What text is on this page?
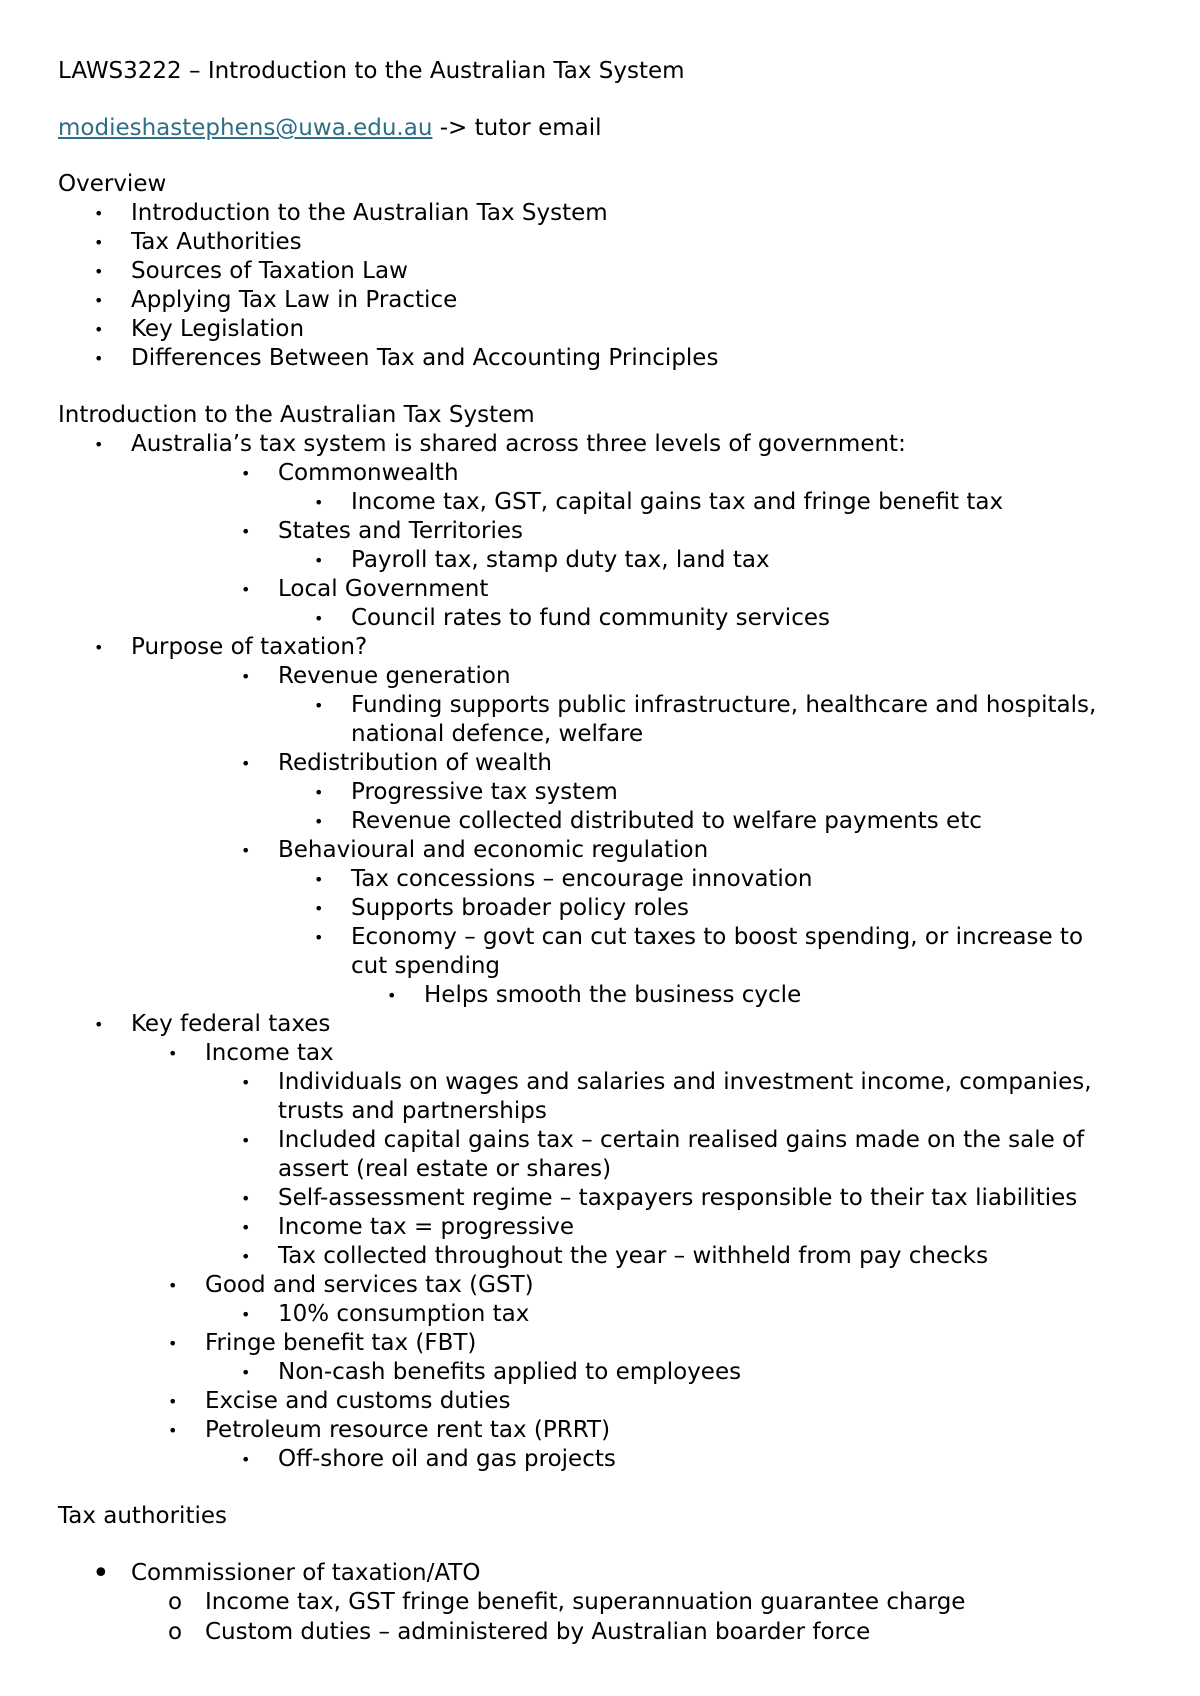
LAWS3222 – Introduction to the Australian Tax System
modieshastephens@uwa.edu.au -> tutor email
Overview
• Introduction to the Australian Tax System
• Tax Authorities
• Sources of Taxation Law
• Applying Tax Law in Practice
• Key Legislation
• Differences Between Tax and Accounting Principles
Introduction to the Australian Tax System
• Australia’s tax system is shared across three levels of government:
• Commonwealth
• Income tax, GST, capital gains tax and fringe benefit tax
• States and Territories
• Payroll tax, stamp duty tax, land tax
• Local Government
• Council rates to fund community services
• Purpose of taxation?
• Revenue generation
• Funding supports public infrastructure, healthcare and hospitals,
national defence, welfare
• Redistribution of wealth
• Progressive tax system
• Revenue collected distributed to welfare payments etc
• Behavioural and economic regulation
• Tax concessions – encourage innovation
• Supports broader policy roles
• Economy – govt can cut taxes to boost spending, or increase to
cut spending
• Helps smooth the business cycle
• Key federal taxes
• Income tax
• Individuals on wages and salaries and investment income, companies,
trusts and partnerships
• Included capital gains tax – certain realised gains made on the sale of
assert (real estate or shares)
• Self-assessment regime – taxpayers responsible to their tax liabilities
• Income tax = progressive
• Tax collected throughout the year – withheld from pay checks
• Good and services tax (GST)
• 10% consumption tax
• Fringe benefit tax (FBT)
• Non-cash benefits applied to employees
• Excise and customs duties
• Petroleum resource rent tax (PRRT)
• Off-shore oil and gas projects
Tax authorities
• Commissioner of taxation/ATO
o Income tax, GST fringe benefit, superannuation guarantee charge
o Custom duties – administered by Australian boarder force
